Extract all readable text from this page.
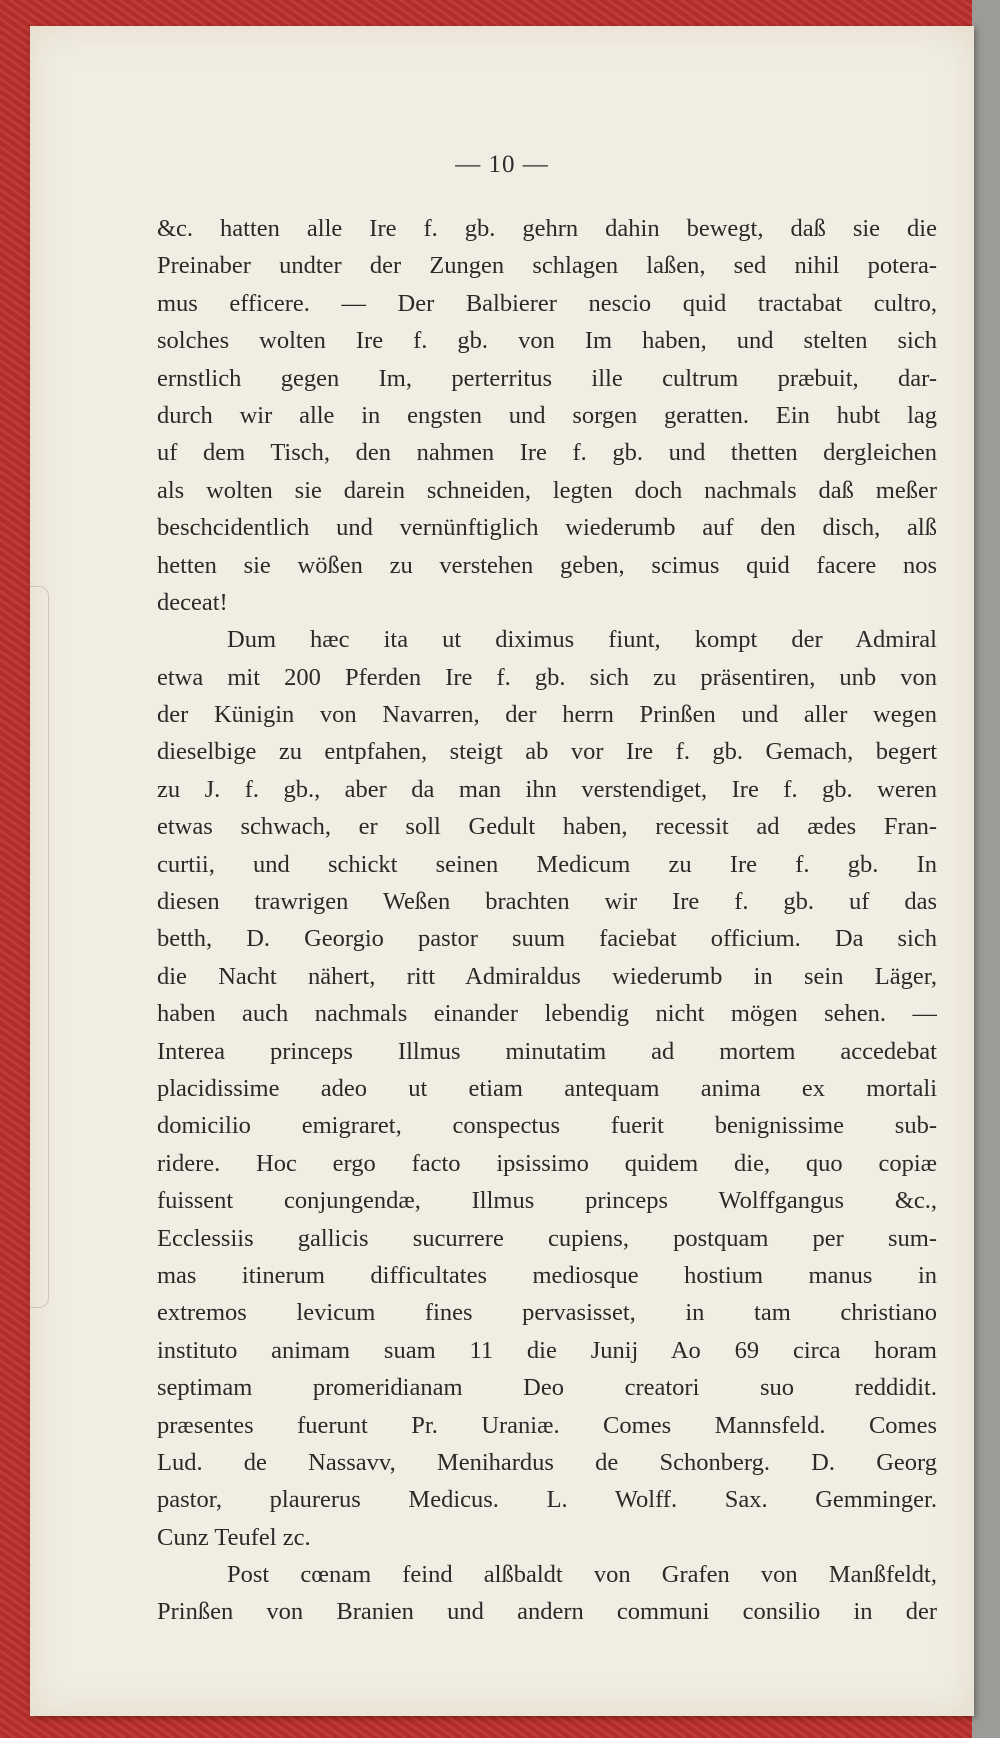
— 10 —
&c. hatten alle Ire f. gb. gehrn dahin bewegt, daß sie die
Preinaber undter der Zungen schlagen laßen, sed nihil potera-
mus efficere. — Der Balbierer nescio quid tractabat cultro,
solches wolten Ire f. gb. von Im haben, und stelten sich
ernstlich gegen Im, perterritus ille cultrum præbuit, dar-
durch wir alle in engsten und sorgen geratten. Ein hubt lag
uf dem Tisch, den nahmen Ire f. gb. und thetten dergleichen
als wolten sie darein schneiden, legten doch nachmals daß meßer
beschcidentlich und vernünftiglich wiederumb auf den disch, alß
hetten sie wößen zu verstehen geben, scimus quid facere nos
deceat!
Dum hæc ita ut diximus fiunt, kompt der Admiral
etwa mit 200 Pferden Ire f. gb. sich zu präsentiren, unb von
der Künigin von Navarren, der herrn Prinßen und aller wegen
dieselbige zu entpfahen, steigt ab vor Ire f. gb. Gemach, begert
zu J. f. gb., aber da man ihn verstendiget, Ire f. gb. weren
etwas schwach, er soll Gedult haben, recessit ad ædes Fran-
curtii, und schickt seinen Medicum zu Ire f. gb. In
diesen trawrigen Weßen brachten wir Ire f. gb. uf das
betth, D. Georgio pastor suum faciebat officium. Da sich
die Nacht nähert, ritt Admiraldus wiederumb in sein Läger,
haben auch nachmals einander lebendig nicht mögen sehen. —
Interea princeps Illmus minutatim ad mortem accedebat
placidissime adeo ut etiam antequam anima ex mortali
domicilio emigraret, conspectus fuerit benignissime sub-
ridere. Hoc ergo facto ipsissimo quidem die, quo copiæ
fuissent conjungendæ, Illmus princeps Wolffgangus &c.,
Ecclessiis gallicis sucurrere cupiens, postquam per sum-
mas itinerum difficultates mediosque hostium manus in
extremos levicum fines pervasisset, in tam christiano
instituto animam suam 11 die Junij Ao 69 circa horam
septimam promeridianam Deo creatori suo reddidit.
præsentes fuerunt Pr. Uraniæ. Comes Mannsfeld. Comes
Lud. de Nassavv, Menihardus de Schonberg. D. Georg
pastor, plaurerus Medicus. L. Wolff. Sax. Gemminger.
Cunz Teufel zc.
Post cœnam feind alßbaldt von Grafen von Manßfeldt,
Prinßen von Branien und andern communi consilio in der
